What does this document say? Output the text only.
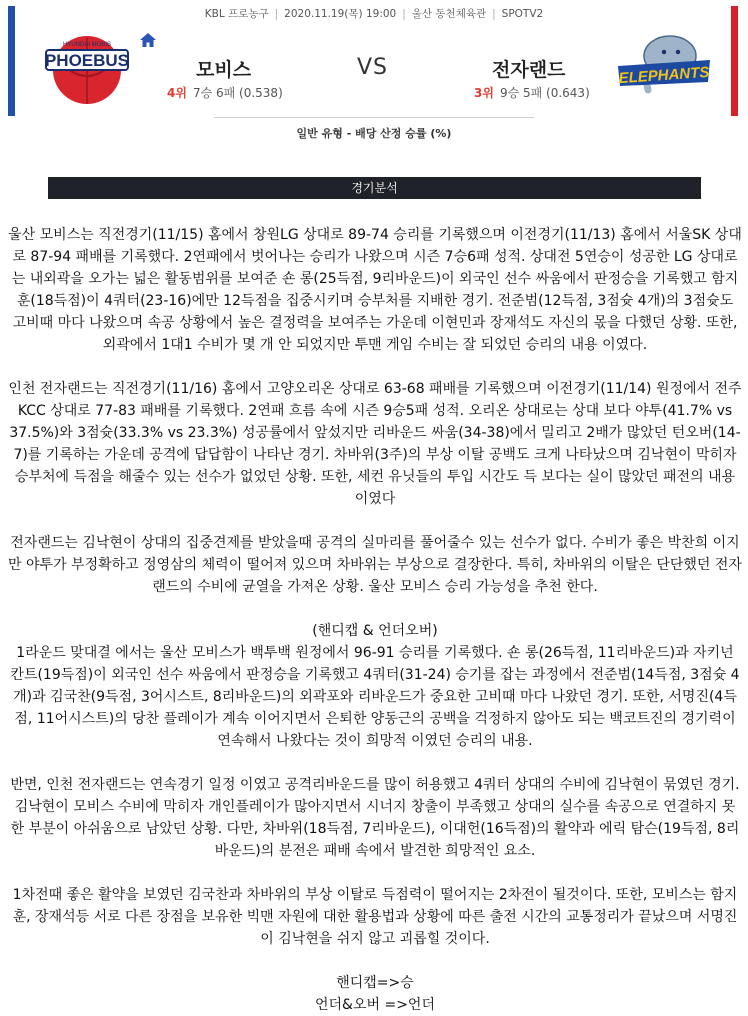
KBL 프로농구 | 2020.11.19(목) 19:00 | 울산 동천체육관 | SPOTV2
PHOEBUS
HYUNDAI MOBIS
모비스	VS	전자랜드
4위 7승 6패 (0.538)	3위 9승 5패 (0.643)
ELEPHANTS
일반 유형 - 배당 산정 승률 (%)
경기분석

울산 모비스는 직전경기(11/15) 홈에서 창원LG 상대로 89-74 승리를 기록했으며 이전경기(11/13) 홈에서 서울SK 상대로 87-94 패배를 기록했다. 2연패에서 벗어나는 승리가 나왔으며 시즌 7승6패 성적. 상대전 5연승이 성공한 LG 상대로는 내외곽을 오가는 넓은 활동범위를 보여준 숀 롱(25득점, 9리바운드)이 외국인 선수 싸움에서 판정승을 기록했고 함지훈(18득점)이 4쿼터(23-16)에만 12득점을 집중시키며 승부처를 지배한 경기. 전준범(12득점, 3점슛 4개)의 3점슛도 고비때 마다 나왔으며 속공 상황에서 높은 결정력을 보여주는 가운데 이현민과 장재석도 자신의 몫을 다했던 상황. 또한, 외곽에서 1대1 수비가 몇 개 안 되었지만 투맨 게임 수비는 잘 되었던 승리의 내용 이였다.

인천 전자랜드는 직전경기(11/16) 홈에서 고양오리온 상대로 63-68 패배를 기록했으며 이전경기(11/14) 원정에서 전주 KCC 상대로 77-83 패배를 기록했다. 2연패 흐름 속에 시즌 9승5패 성적. 오리온 상대로는 상대 보다 야투(41.7% vs 37.5%)와 3점슛(33.3% vs 23.3%) 성공률에서 앞섰지만 리바운드 싸움(34-38)에서 밀리고 2배가 많았던 턴오버(14-7)를 기록하는 가운데 공격에 답답함이 나타난 경기. 차바위(3주)의 부상 이탈 공백도 크게 나타났으며 김낙현이 막히자 승부처에 득점을 해줄수 있는 선수가 없었던 상황. 또한, 세컨 유닛들의 투입 시간도 득 보다는 실이 많았던 패전의 내용 이였다

전자랜드는 김낙현이 상대의 집중견제를 받았을때 공격의 실마리를 풀어줄수 있는 선수가 없다. 수비가 좋은 박찬희 이지만 야투가 부정확하고 정영삼의 체력이 떨어져 있으며 차바위는 부상으로 결장한다. 특히, 차바위의 이탈은 단단했던 전자랜드의 수비에 균열을 가져온 상황. 울산 모비스 승리 가능성을 추천 한다.

(핸디캡 & 언더오버)

1라운드 맞대결 에서는 울산 모비스가 백투백 원정에서 96-91 승리를 기록했다. 숀 롱(26득점, 11리바운드)과 자키넌 칸트(19득점)이 외국인 선수 싸움에서 판정승을 기록했고 4쿼터(31-24) 승기를 잡는 과정에서 전준범(14득점, 3점슛 4개)과 김국찬(9득점, 3어시스트, 8리바운드)의 외곽포와 리바운드가 중요한 고비때 마다 나왔던 경기. 또한, 서명진(4득점, 11어시스트)의 당찬 플레이가 계속 이어지면서 은퇴한 양동근의 공백을 걱정하지 않아도 되는 백코트진의 경기력이 연속해서 나왔다는 것이 희망적 이였던 승리의 내용.

반면, 인천 전자랜드는 연속경기 일정 이였고 공격리바운드를 많이 허용했고 4쿼터 상대의 수비에 김낙현이 묶였던 경기. 김낙현이 모비스 수비에 막히자 개인플레이가 많아지면서 시너지 창출이 부족했고 상대의 실수를 속공으로 연결하지 못한 부분이 아쉬움으로 남았던 상황. 다만, 차바위(18득점, 7리바운드), 이대헌(16득점)의 활약과 에릭 탐슨(19득점, 8리바운드)의 분전은 패배 속에서 발견한 희망적인 요소.

1차전때 좋은 활약을 보였던 김국찬과 차바위의 부상 이탈로 득점력이 떨어지는 2차전이 될것이다. 또한, 모비스는 함지훈, 장재석등 서로 다른 장점을 보유한 빅맨 자원에 대한 활용법과 상황에 따른 출전 시간의 교통정리가 끝났으며 서명진이 김낙현을 쉬지 않고 괴롭힐 것이다.

핸디캡=>승

언더&오버 =>언더
